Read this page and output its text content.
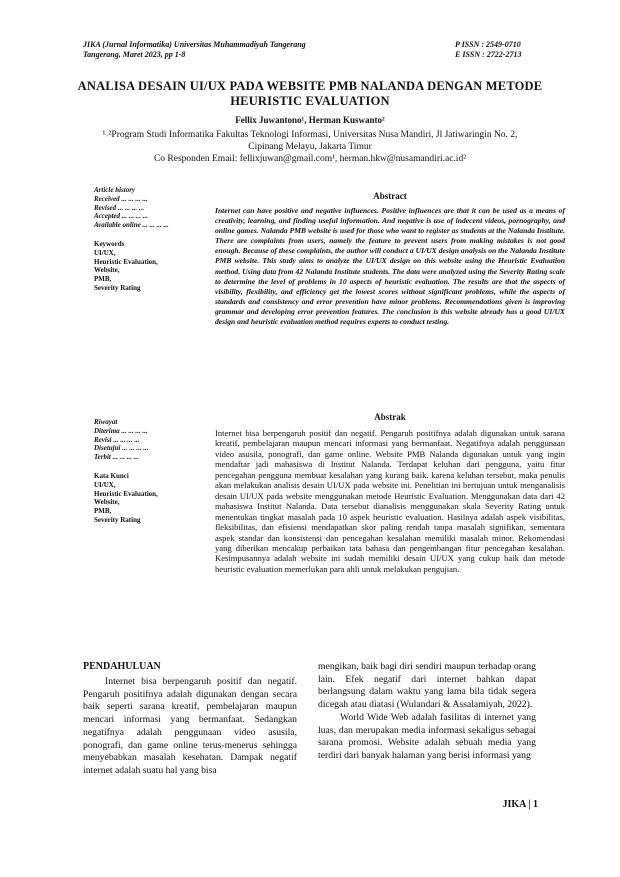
JIKA (Jurnal Informatika) Universitas Muhammadiyah Tangerang
Tangerang, Maret 2023, pp 1-8
P ISSN : 2549-0710
E ISSN : 2722-2713
ANALISA DESAIN UI/UX PADA WEBSITE PMB NALANDA DENGAN METODE
HEURISTIC EVALUATION
Fellix Juwantono¹, Herman Kuswanto²
¹˒²Program Studi Informatika Fakultas Teknologi Informasi, Universitas Nusa Mandiri, Jl Jatiwaringin No. 2,
Cipinang Melayu, Jakarta Timur
Co Responden Email: fellixjuwan@gmail.com¹, herman.hkw@nusamandiri.ac.id²
Article history
Received ... ... ... ...
Revised ... ... ... ...
Accepted ... ... ... ...
Available online ... ... ... ...
Keywords
UI/UX,
Heuristic Evaluation,
Website,
PMB,
Severity Rating
Abstract
Internet can have positive and negative influences. Positive influences are that it can be used as a means of creativity, learning, and finding useful information. And negative is use of indecent videos, pornography, and online games. Nalanda PMB website is used for those who want to register as students at the Nalanda Institute. There are complaints from users, namely the feature to prevent users from making mistakes is not good enough. Because of these complaints, the author will conduct a UI/UX design analysis on the Nalanda Institute PMB website. This study aims to analyze the UI/UX design on this website using the Heuristic Evaluation method. Using data from 42 Nalanda Institute students. The data were analyzed using the Severity Rating scale to determine the level of problems in 10 aspects of heuristic evaluation. The results are that the aspects of visibility, flexibility, and efficiency get the lowest scores without significant problems, while the aspects of standards and consistency and error prevention have minor problems. Recommendations given is improving grammar and developing error prevention features. The conclusion is this website already has a good UI/UX design and heuristic evaluation method requires experts to conduct testing.
Riwayat
Diterima ... ... ... ...
Revisi ... ... ... ...
Disetujui ... ... ... ...
Terbit ... ... ... ...
Kata Kunci
UI/UX,
Heuristic Evaluation,
Website,
PMB,
Severity Rating
Abstrak
Internet bisa berpengaruh positif dan negatif. Pengaruh positifnya adalah digunakan untuk sarana kreatif, pembelajaran maupun mencari informasi yang bermanfaat. Negatifnya adalah penggunaan video asusila, ponografi, dan game online. Website PMB Nalanda digunakan untuk yang ingin mendaftar jadi mahasiswa di Institut Nalanda. Terdapat keluhan dari pengguna, yaitu fitur pencegahan pengguna membuat kesalahan yang kurang baik. karena keluhan tersebut, maka penulis akan melakukan analisis desain UI/UX pada website ini. Penelitian ini bertujuan untuk menganalisis desain UI/UX pada website menggunakan metode Heuristic Evaluation. Menggunakan data dari 42 mahasiswa Institut Nalanda. Data tersebut dianalisis menggunakan skala Severity Rating untuk menentukan tingkat masalah pada 10 aspek heuristic evaluation. Hasilnya adalah aspek visibilitas, fleksibilitas, dan efisiensi mendapatkan skor paling rendah tanpa masalah signifikan, sementara aspek standar dan konsistensi dan pencegahan kesalahan memiliki masalah minor. Rekomendasi yang diberikan mencakup perbaikan tata bahasa dan pengembangan fitur pencegahan kesalahan. Kesimpusannya adalah website ini sudah memiliki desain UI/UX yang cukup baik dan metode heuristic evaluation memerlukan para ahli untuk melakukan pengujian.
PENDAHULUAN

Internet bisa berpengaruh positif dan negatif. Pengaruh positifnya adalah digunakan dengan secara baik seperti sarana kreatif, pembelajaran maupun mencari informasi yang bermanfaat. Sedangkan negatifnya adalah penggunaan video asusila, ponografi, dan game online terus-menerus sehingga menyebabkan masalah kesehatan. Dampak negatif internet adalah suatu hal yang bisa

mengikan, baik bagi diri sendiri maupun terhadap orang lain. Efek negatif dari internet bahkan dapat berlangsung dalam waktu yang lama bila tidak segera dicegah atau diatasi (Wulandari & Assalamiyah, 2022).

World Wide Web adalah fasilitas di internet yang luas, dan merupakan media informasi sekaligus sebagai sarana promosi. Website adalah sebuah media yang terdiri dari banyak halaman yang berisi informasi yang

JIKA | 1
